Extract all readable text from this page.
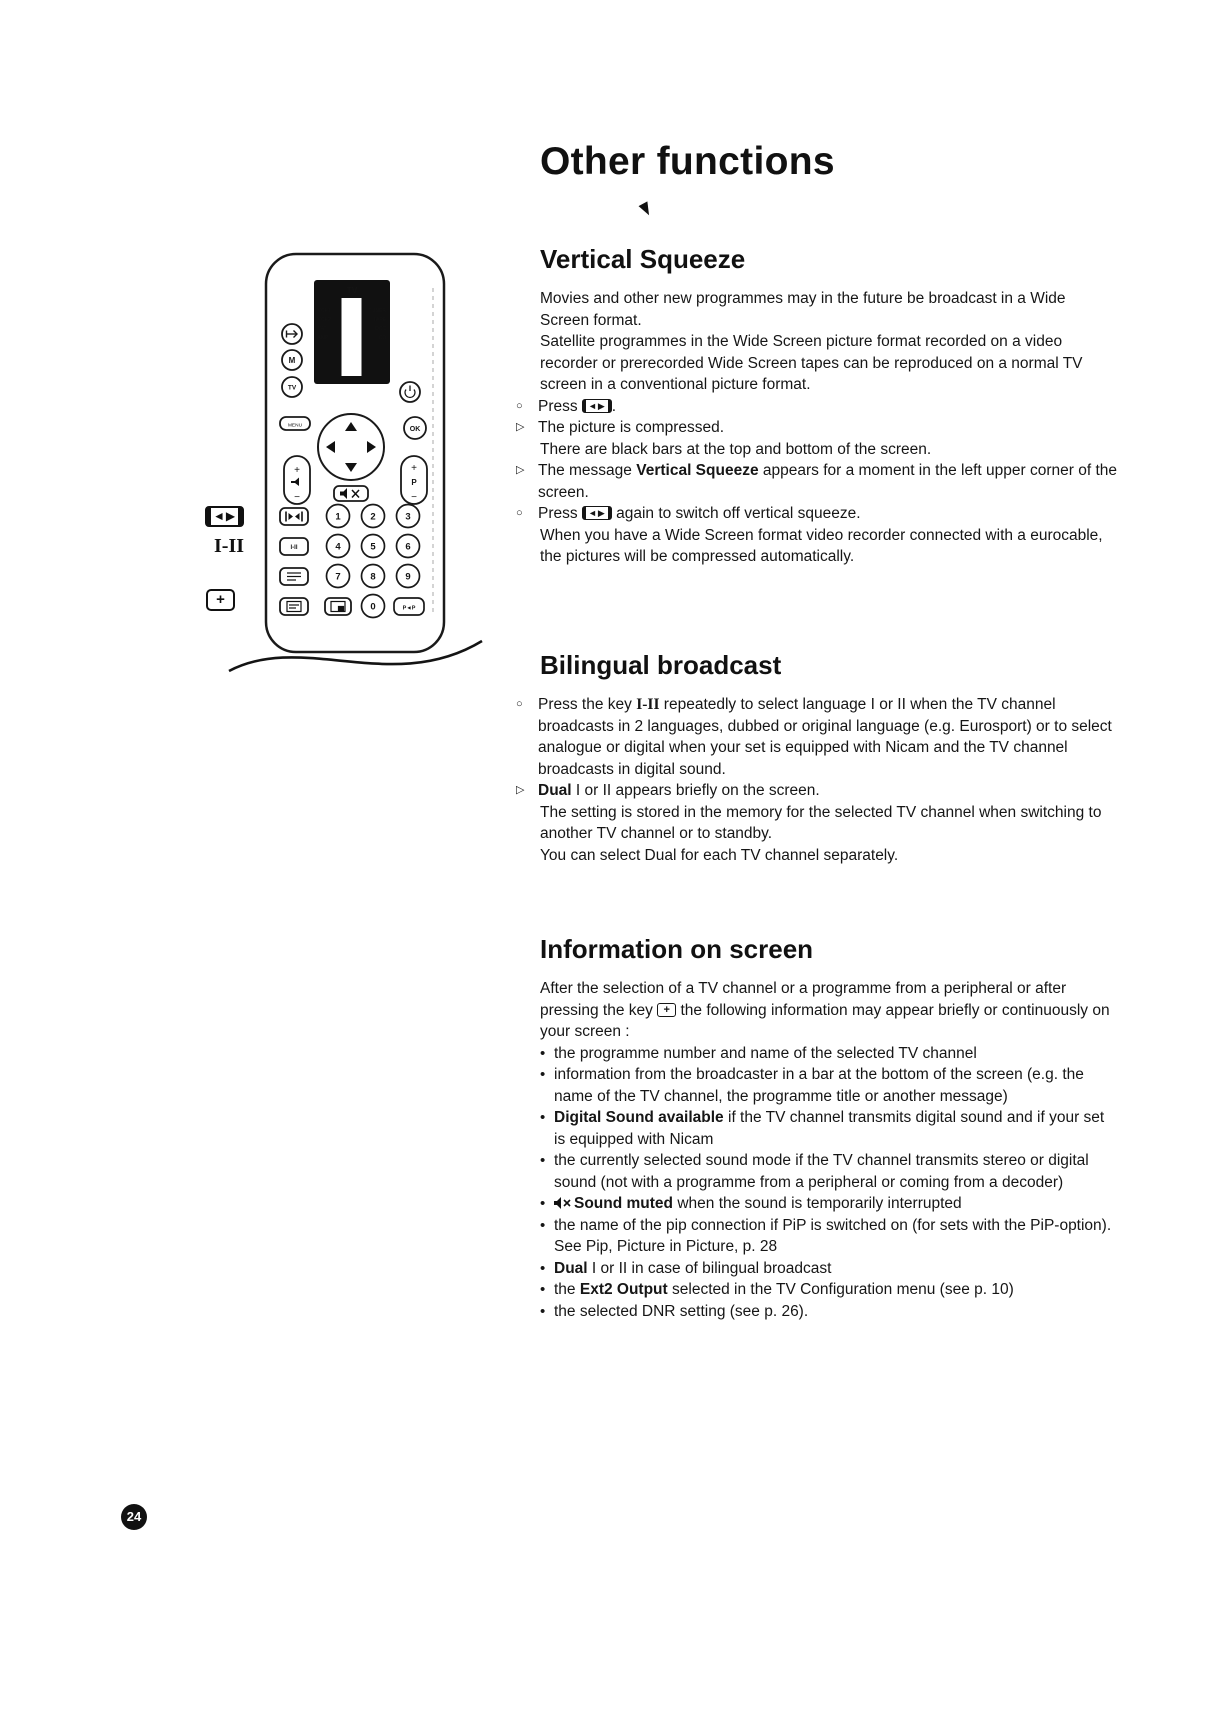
Other functions
TV
VCR1
VCR2
SAT
AMP
TUNER
TAPE
DCC
CD
M
TV
MENU	OK
+
−
+
P
−
I-II
1	2	3
4	5	6
7	8	9
0	P◄P
◄▶
I-II
+
Vertical Squeeze
Movies and other new programmes may in the future be broadcast in a Wide Screen format.
Satellite programmes in the Wide Screen picture format recorded on a video recorder or prerecorded Wide Screen tapes can be reproduced on a normal TV screen in a conventional picture format.
○ Press ◄▶ .
▷ The picture is compressed.
There are black bars at the top and bottom of the screen.
▷ The message Vertical Squeeze appears for a moment in the left upper corner of the screen.
○ Press ◄▶ again to switch off vertical squeeze.
When you have a Wide Screen format video recorder connected with a eurocable, the pictures will be compressed automatically.
Bilingual broadcast
○ Press the key I-II repeatedly to select language I or II when the TV channel broadcasts in 2 languages, dubbed or original language (e.g. Eurosport) or to select analogue or digital when your set is equipped with Nicam and the TV channel broadcasts in digital sound.
▷ Dual I or II appears briefly on the screen.
The setting is stored in the memory for the selected TV channel when switching to another TV channel or to standby.
You can select Dual for each TV channel separately.
Information on screen
After the selection of a TV channel or a programme from a peripheral or after pressing the key + the following information may appear briefly or continuously on your screen :
• the programme number and name of the selected TV channel
• information from the broadcaster in a bar at the bottom of the screen (e.g. the name of the TV channel, the programme title or another message)
• Digital Sound available if the TV channel transmits digital sound and if your set is equipped with Nicam
• the currently selected sound mode if the TV channel transmits stereo or digital sound (not with a programme from a peripheral or coming from a decoder)
•	Sound muted when the sound is temporarily interrupted
• the name of the pip connection if PiP is switched on (for sets with the PiP-option). See Pip, Picture in Picture, p. 28
• Dual I or II in case of bilingual broadcast
• the Ext2 Output selected in the TV Configuration menu (see p. 10)
• the selected DNR setting (see p. 26).
24
